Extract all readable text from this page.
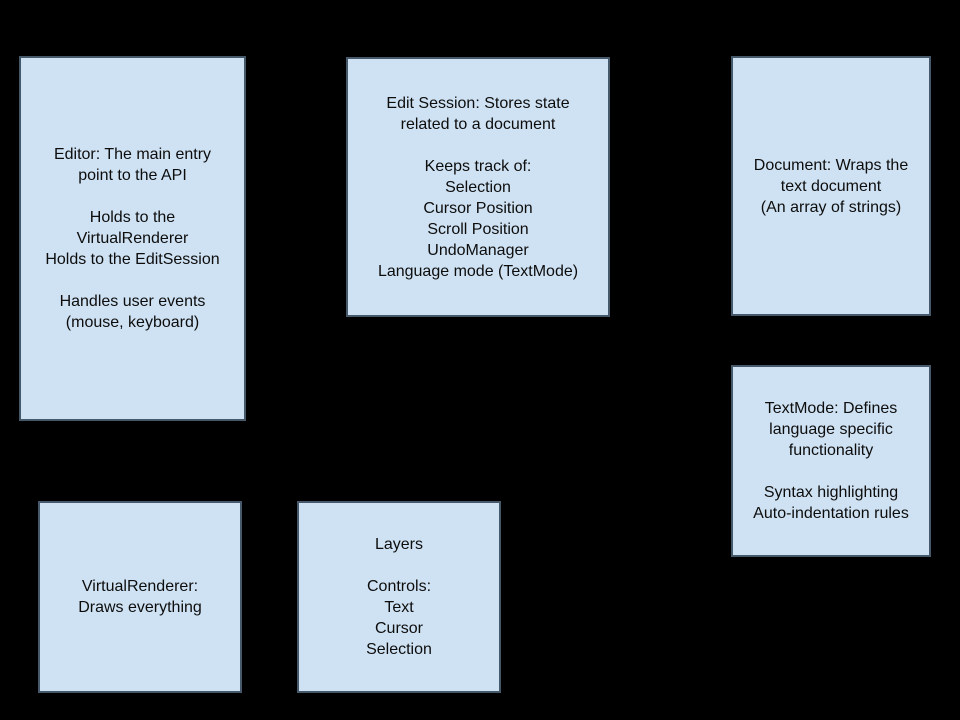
Editor: The main entry
point to the API
Holds to the
VirtualRenderer
Holds to the EditSession
Handles user events
(mouse, keyboard)
Edit Session: Stores state
related to a document
Keeps track of:
Selection
Cursor Position
Scroll Position
UndoManager
Language mode (TextMode)
Document: Wraps the
text document
(An array of strings)
TextMode: Defines
language specific
functionality
Syntax highlighting
Auto-indentation rules
VirtualRenderer:
Draws everything
Layers
Controls:
Text
Cursor
Selection
